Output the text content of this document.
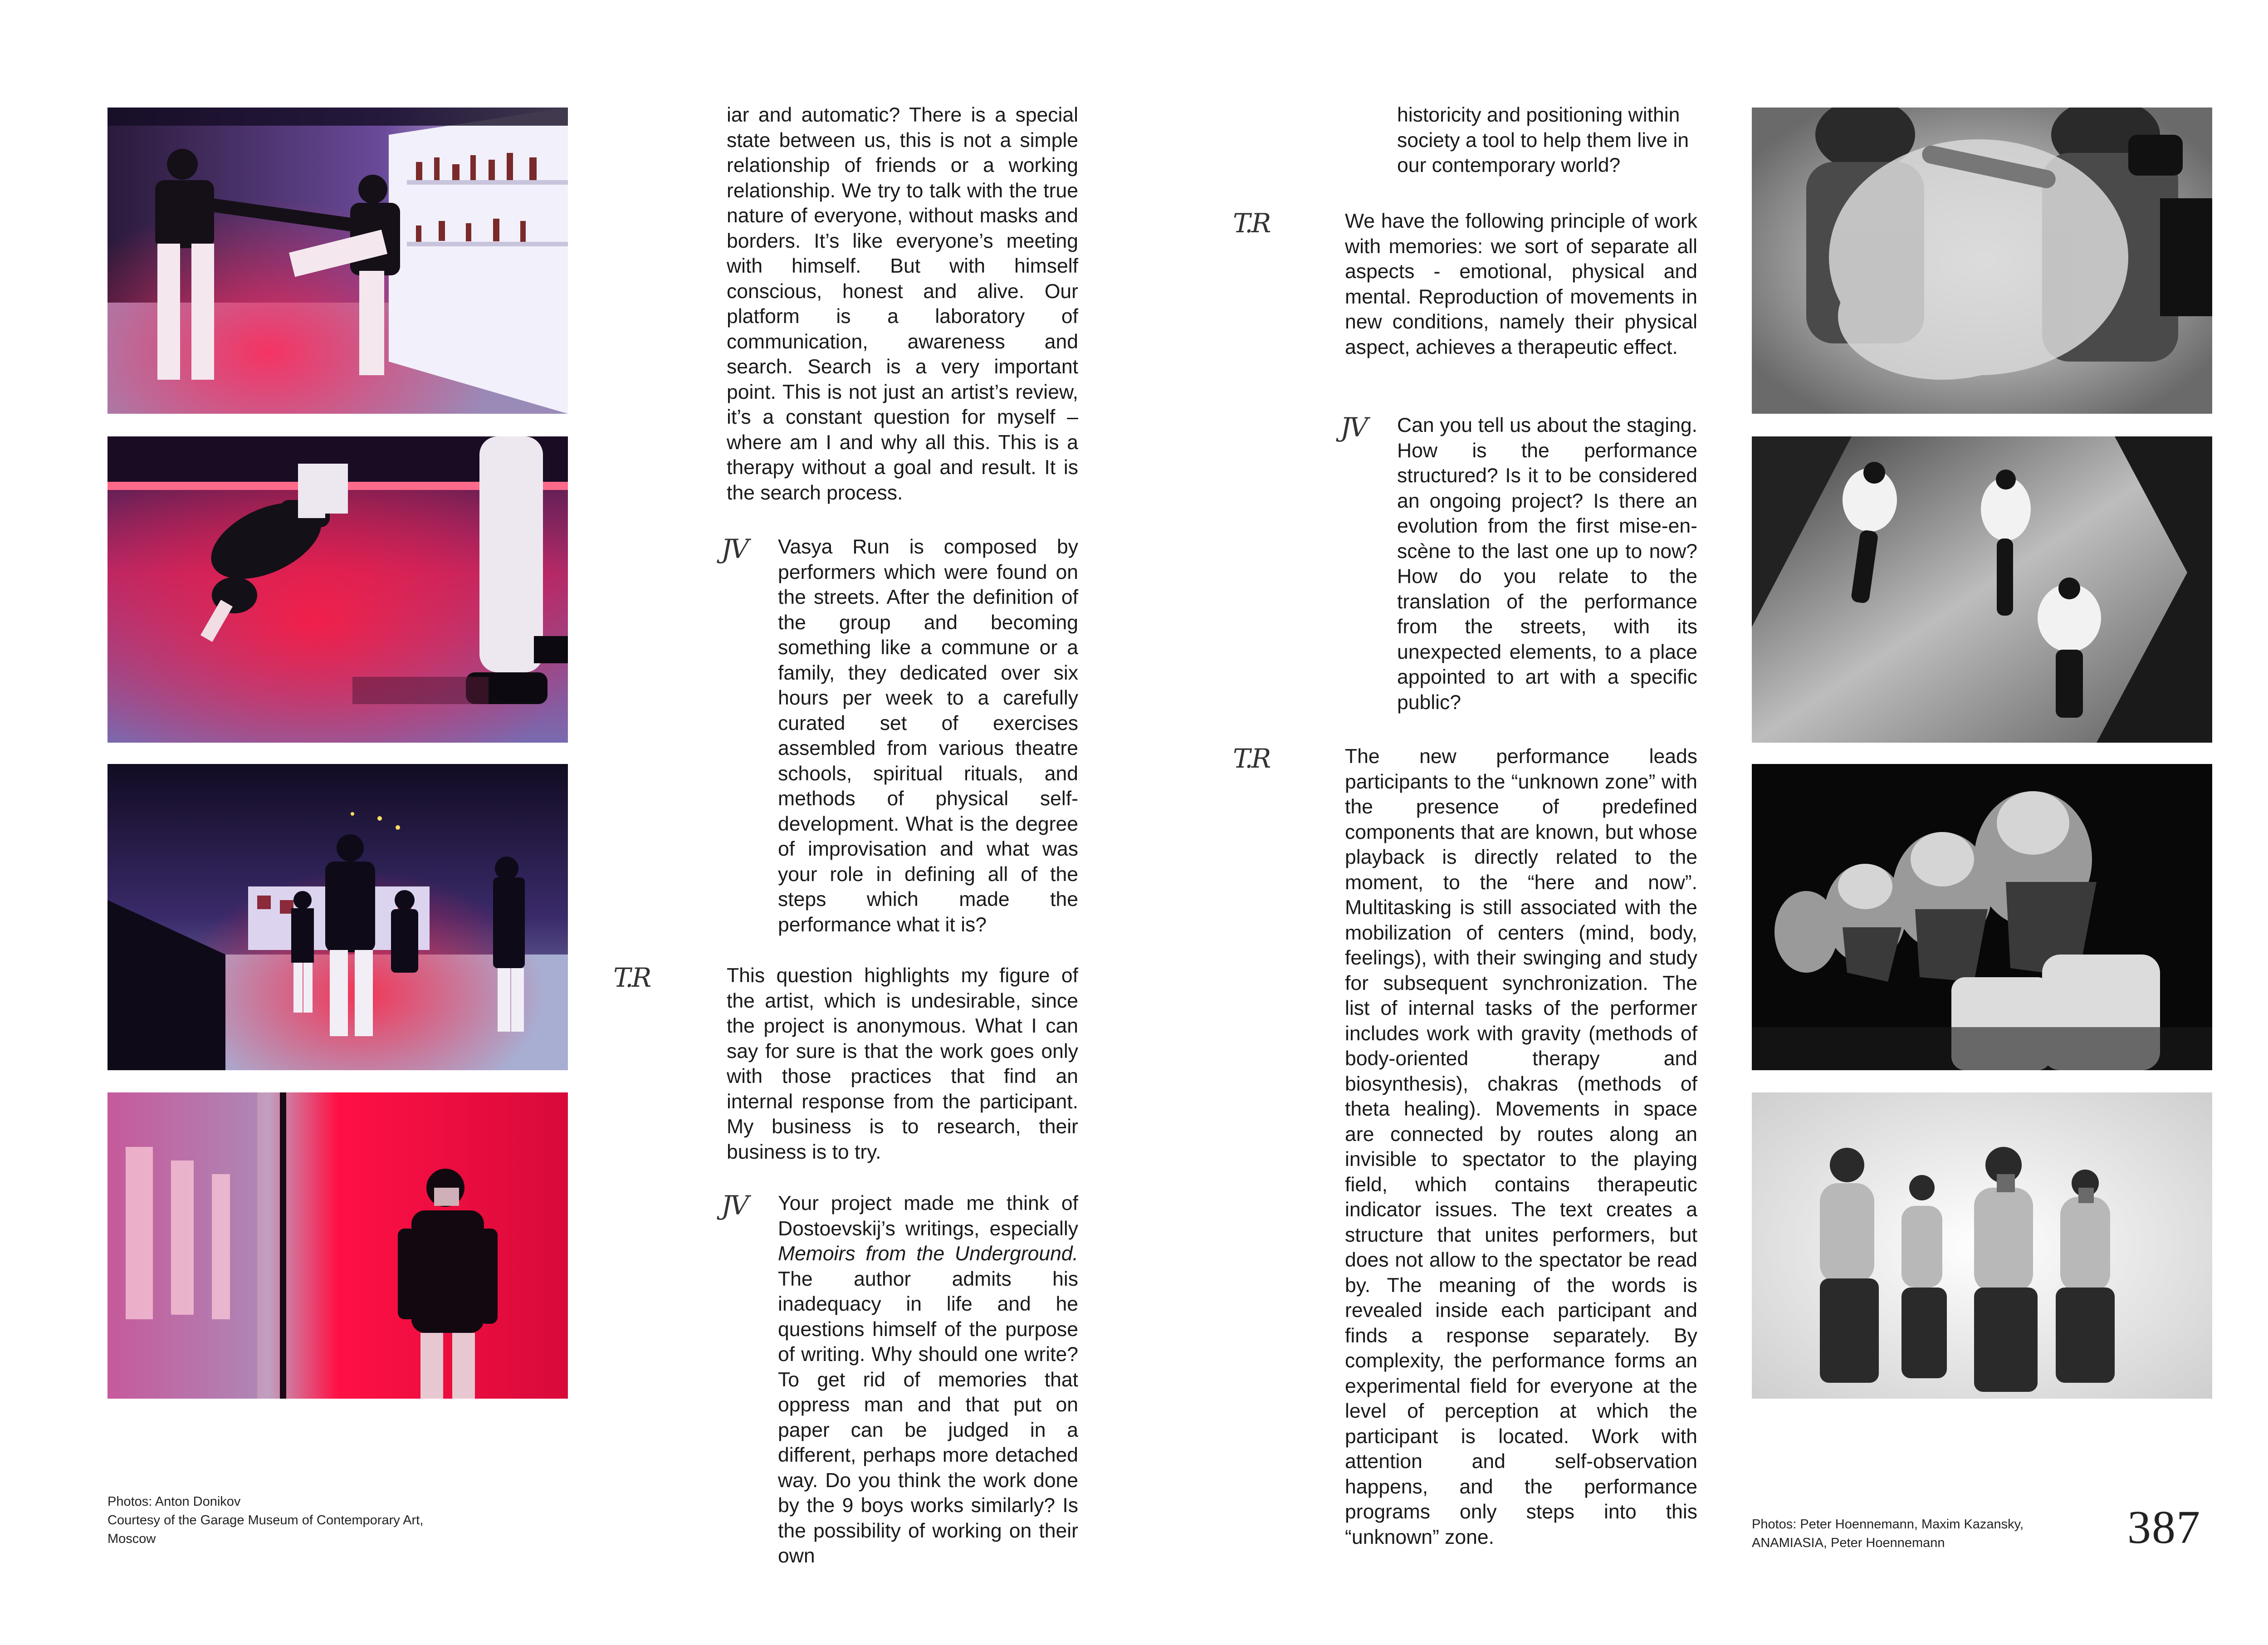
Photos: Anton Donikov
Courtesy of the Garage Museum of Contemporary Art,
Moscow

iar and automatic? There is a special state between us, this is not a simple relationship of friends or a working relationship. We try to talk with the true nature of everyone, without masks and borders. It’s like everyone’s meeting with himself. But with himself conscious, honest and alive. Our platform is a laboratory of communication, awareness and search. Search is a very important point. This is not just an artist’s review, it’s a constant question for myself –where am I and why all this. This is a therapy without a goal and result. It is the search process.

JV Vasya Run is composed by performers which were found on the streets. After the definition of the group and becoming something like a commune or a family, they dedicated over six hours per week to a carefully curated set of exercises assembled from various theatre schools, spiritual rituals, and methods of physical self-development. What is the degree of improvisation and what was your role in defining all of the steps which made the performance what it is?

T.R	This question highlights my figure of the artist, which is undesirable, since the project is anonymous. What I can say for sure is that the work goes only with those practices that find an internal response from the participant. My business is to research, their business is to try.

JV Your project made me think of Dostoevskij’s writings, especially Memoirs from the Underground. The author admits his inadequacy in life and he questions himself of the purpose of writing. Why should one write? To get rid of memories that oppress man and that put on paper can be judged in a different, perhaps more detached way. Do you think the work done by the 9 boys works similarly? Is the possibility of working on their own

historicity and positioning within society a tool to help them live in our contemporary world?

T.R	We have the following principle of work with memories: we sort of separate all aspects - emotional, physical and mental. Reproduction of movements in new conditions, namely their physical aspect, achieves a therapeutic effect.

JV Can you tell us about the staging. How is the performance structured? Is it to be considered an ongoing project? Is there an evolution from the first mise-en-scène to the last one up to now? How do you relate to the translation of the performance from the streets, with its unexpected elements, to a place appointed to art with a specific public?

T.R	The new performance leads participants to the “unknown zone” with the presence of predefined components that are known, but whose playback is directly related to the moment, to the “here and now”. Multitasking is still associated with the mobilization of centers (mind, body, feelings), with their swinging and study for subsequent synchronization. The list of internal tasks of the performer includes work with gravity (methods of body-oriented therapy and biosynthesis), chakras (methods of theta healing). Movements in space are connected by routes along an invisible to spectator to the playing field, which contains therapeutic indicator issues. The text creates a structure that unites performers, but does not allow to the spectator be read by. The meaning of the words is revealed inside each participant and finds a response separately. By complexity, the performance forms an experimental field for everyone at the level of perception at which the participant is located. Work with attention and self-observation happens, and the performance programs only steps into this “unknown” zone.

Photos: Peter Hoennemann, Maxim Kazansky,
ANAMIASIA, Peter Hoennemann	387
